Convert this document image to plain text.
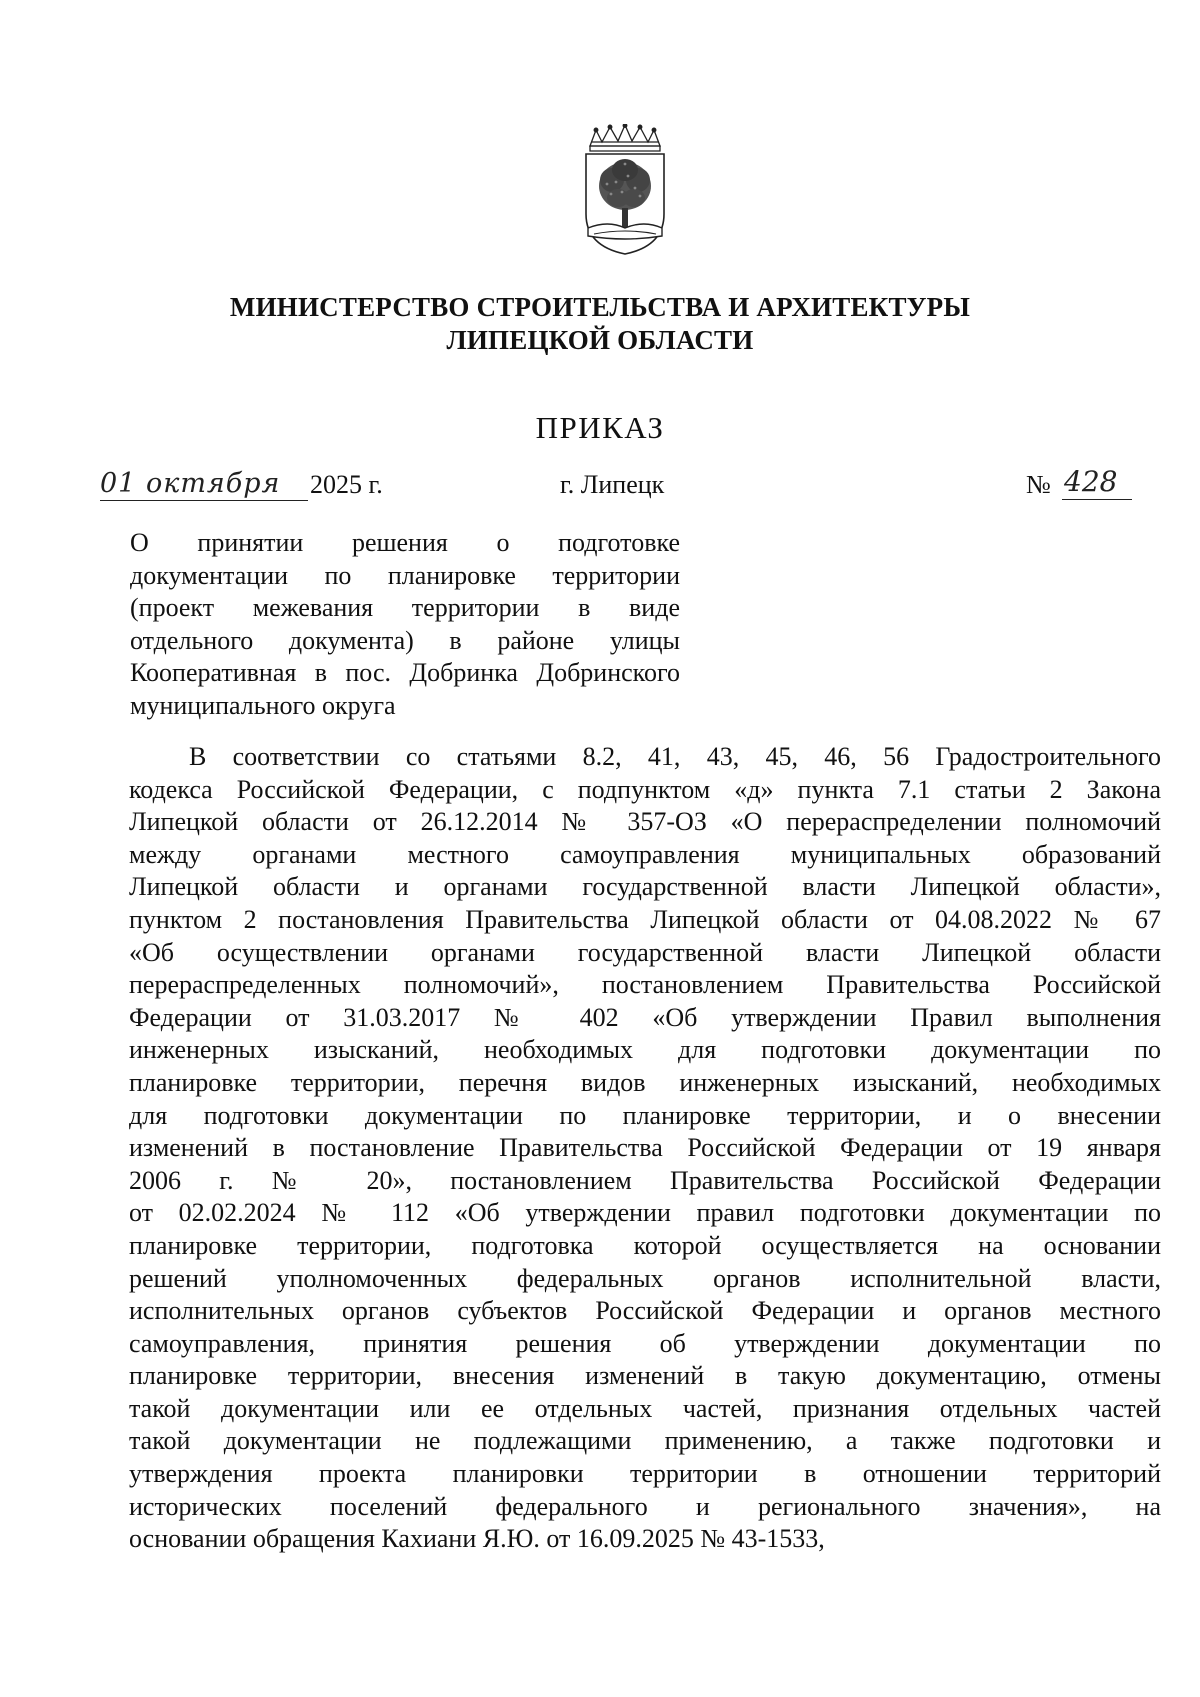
МИНИСТЕРСТВО СТРОИТЕЛЬСТВА И АРХИТЕКТУРЫ
ЛИПЕЦКОЙ ОБЛАСТИ
ПРИКАЗ
01 октября 2025 г.	г. Липецк	№ 428
О принятии решения о подготовке
документации по планировке территории
(проект межевания территории в виде
отдельного документа) в районе улицы
Кооперативная в пос. Добринка Добринского
муниципального округа
В соответствии со статьями 8.2, 41, 43, 45, 46, 56 Градостроительного
кодекса Российской Федерации, с подпунктом «д» пункта 7.1 статьи 2 Закона
Липецкой области от 26.12.2014 № 357-ОЗ «О перераспределении полномочий
между органами местного самоуправления муниципальных образований
Липецкой области и органами государственной власти Липецкой области»,
пунктом 2 постановления Правительства Липецкой области от 04.08.2022 № 67
«Об осуществлении органами государственной власти Липецкой области
перераспределенных полномочий», постановлением Правительства Российской
Федерации от 31.03.2017 № 402 «Об утверждении Правил выполнения
инженерных изысканий, необходимых для подготовки документации по
планировке территории, перечня видов инженерных изысканий, необходимых
для подготовки документации по планировке территории, и о внесении
изменений в постановление Правительства Российской Федерации от 19 января
2006 г. № 20», постановлением Правительства Российской Федерации
от 02.02.2024 № 112 «Об утверждении правил подготовки документации по
планировке территории, подготовка которой осуществляется на основании
решений уполномоченных федеральных органов исполнительной власти,
исполнительных органов субъектов Российской Федерации и органов местного
самоуправления, принятия решения об утверждении документации по
планировке территории, внесения изменений в такую документацию, отмены
такой документации или ее отдельных частей, признания отдельных частей
такой документации не подлежащими применению, а также подготовки и
утверждения проекта планировки территории в отношении территорий
исторических поселений федерального и регионального значения», на
основании обращения Кахиани Я.Ю. от 16.09.2025 № 43-1533,
